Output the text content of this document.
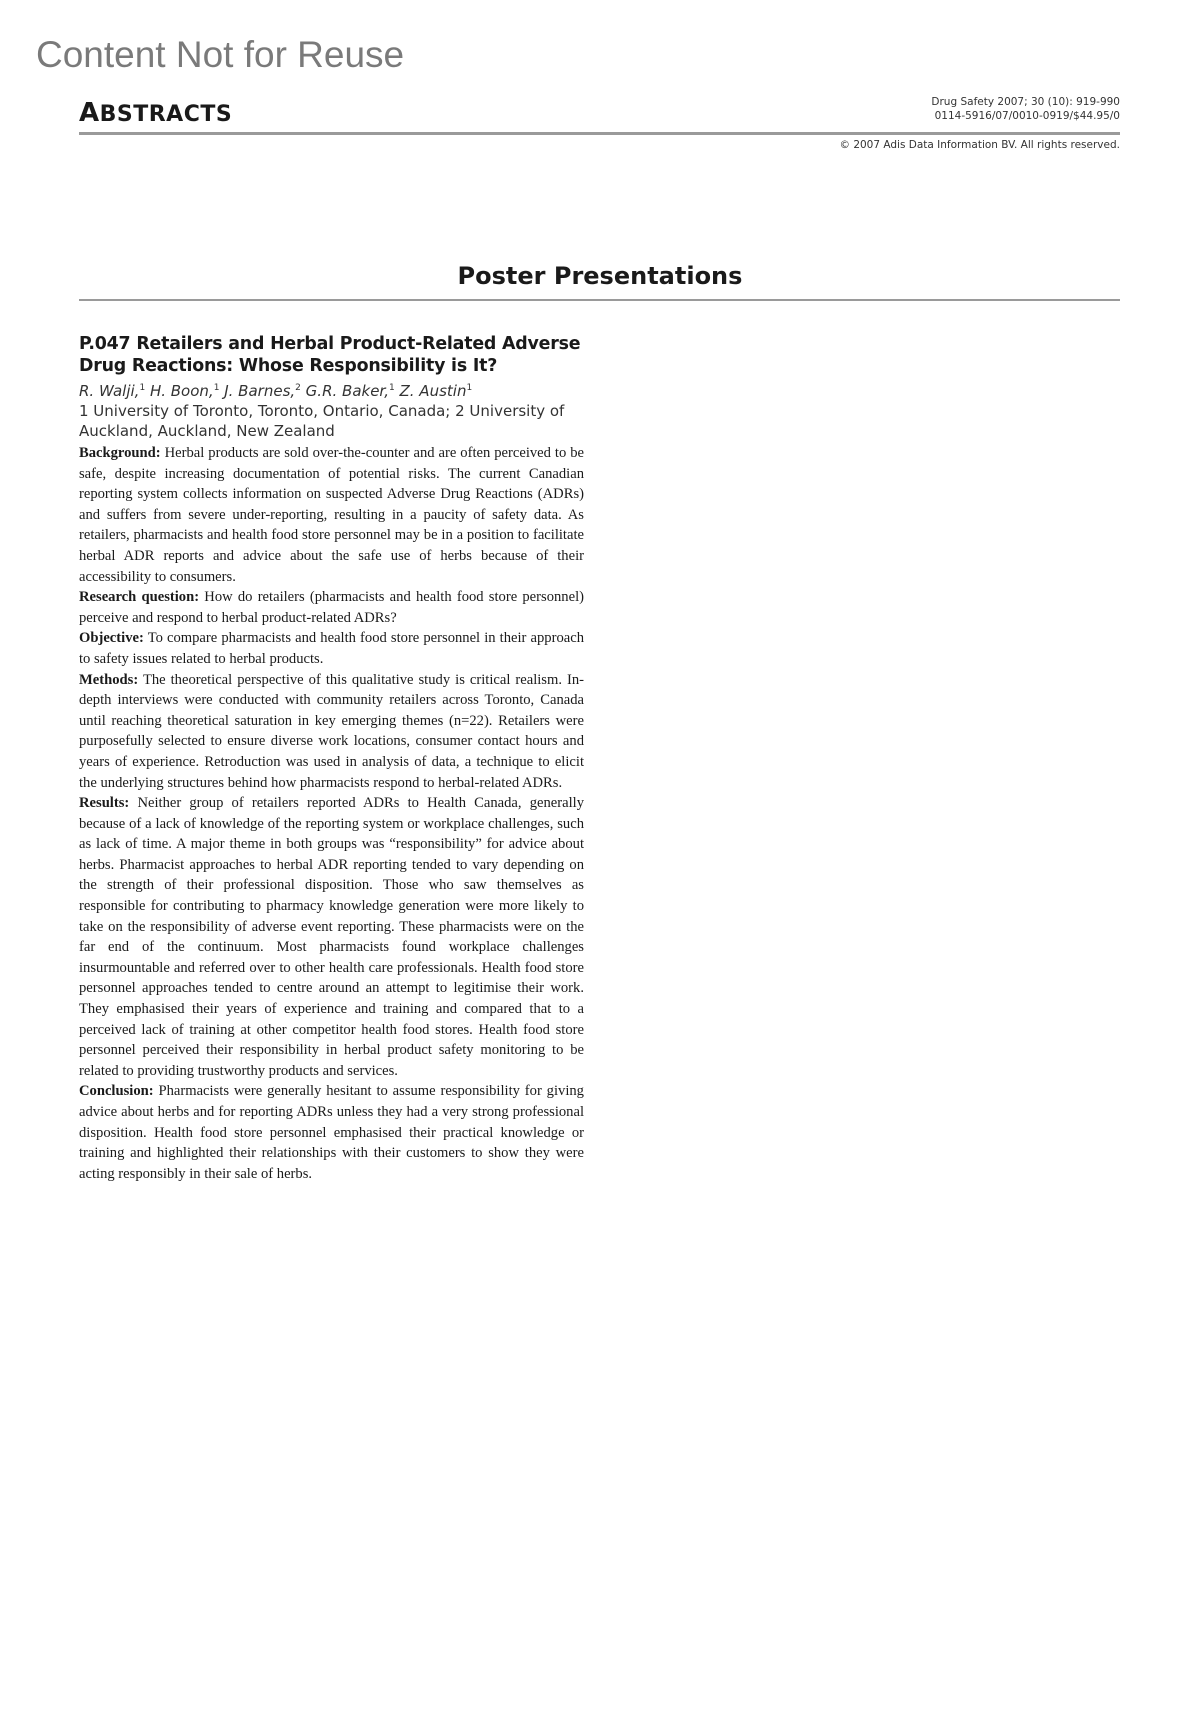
Content Not for Reuse
ABSTRACTS	Drug Safety 2007; 30 (10): 919-990
0114-5916/07/0010-0919/$44.95/0
© 2007 Adis Data Information BV. All rights reserved.
Poster Presentations
P.047 Retailers and Herbal Product-Related Adverse Drug Reactions: Whose Responsibility is It?
R. Walji,$^1$ H. Boon,$^1$ J. Barnes,$^2$ G.R. Baker,$^1$ Z. Austin$^1$
1 University of Toronto, Toronto, Ontario, Canada; 2 University of Auckland, Auckland, New Zealand

Background: Herbal products are sold over-the-counter and are often perceived to be safe, despite increasing documentation of potential risks. The current Canadian reporting system collects information on suspected Adverse Drug Reactions (ADRs) and suffers from severe under-reporting, resulting in a paucity of safety data. As retailers, pharmacists and health food store personnel may be in a position to facilitate herbal ADR reports and advice about the safe use of herbs because of their accessibility to consumers.

Research question: How do retailers (pharmacists and health food store personnel) perceive and respond to herbal product-related ADRs?

Objective: To compare pharmacists and health food store personnel in their approach to safety issues related to herbal products.

Methods: The theoretical perspective of this qualitative study is critical realism. In-depth interviews were conducted with community retailers across Toronto, Canada until reaching theoretical saturation in key emerging themes (n=22). Retailers were purposefully selected to ensure diverse work locations, consumer contact hours and years of experience. Retroduction was used in analysis of data, a technique to elicit the underlying structures behind how pharmacists respond to herbal-related ADRs.

Results: Neither group of retailers reported ADRs to Health Canada, generally because of a lack of knowledge of the reporting system or workplace challenges, such as lack of time. A major theme in both groups was “responsibility” for advice about herbs. Pharmacist approaches to herbal ADR reporting tended to vary depending on the strength of their professional disposition. Those who saw themselves as responsible for contributing to pharmacy knowledge generation were more likely to take on the responsibility of adverse event reporting. These pharmacists were on the far end of the continuum. Most pharmacists found workplace challenges insurmountable and referred over to other health care professionals. Health food store personnel approaches tended to centre around an attempt to legitimise their work. They emphasised their years of experience and training and compared that to a perceived lack of training at other competitor health food stores. Health food store personnel perceived their responsibility in herbal product safety monitoring to be related to providing trustworthy products and services.

Conclusion: Pharmacists were generally hesitant to assume responsibility for giving advice about herbs and for reporting ADRs unless they had a very strong professional disposition. Health food store personnel emphasised their practical knowledge or training and highlighted their relationships with their customers to show they were acting responsibly in their sale of herbs.
